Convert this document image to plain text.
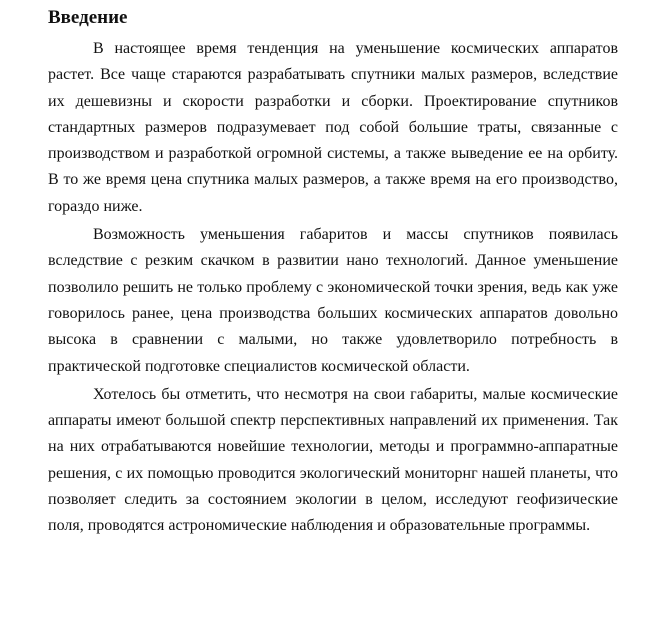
Введение

В настоящее время тенденция на уменьшение космических аппаратов растет. Все чаще стараются разрабатывать спутники малых размеров, вследствие их дешевизны и скорости разработки и сборки. Проектирование спутников стандартных размеров подразумевает под собой большие траты, связанные с производством и разработкой огромной системы, а также выведение ее на орбиту. В то же время цена спутника малых размеров, а также время на его производство, гораздо ниже.

Возможность уменьшения габаритов и массы спутников появилась вследствие с резким скачком в развитии нано технологий. Данное уменьшение позволило решить не только проблему с экономической точки зрения, ведь как уже говорилось ранее, цена производства больших космических аппаратов довольно высока в сравнении с малыми, но также удовлетворило потребность в практической подготовке специалистов космической области.

Хотелось бы отметить, что несмотря на свои габариты, малые космические аппараты имеют большой спектр перспективных направлений их применения. Так на них отрабатываются новейшие технологии, методы и программно-аппаратные решения, с их помощью проводится экологический мониторнг нашей планеты, что позволяет следить за состоянием экологии в целом, исследуют геофизические поля, проводятся астрономические наблюдения и образовательные программы.
